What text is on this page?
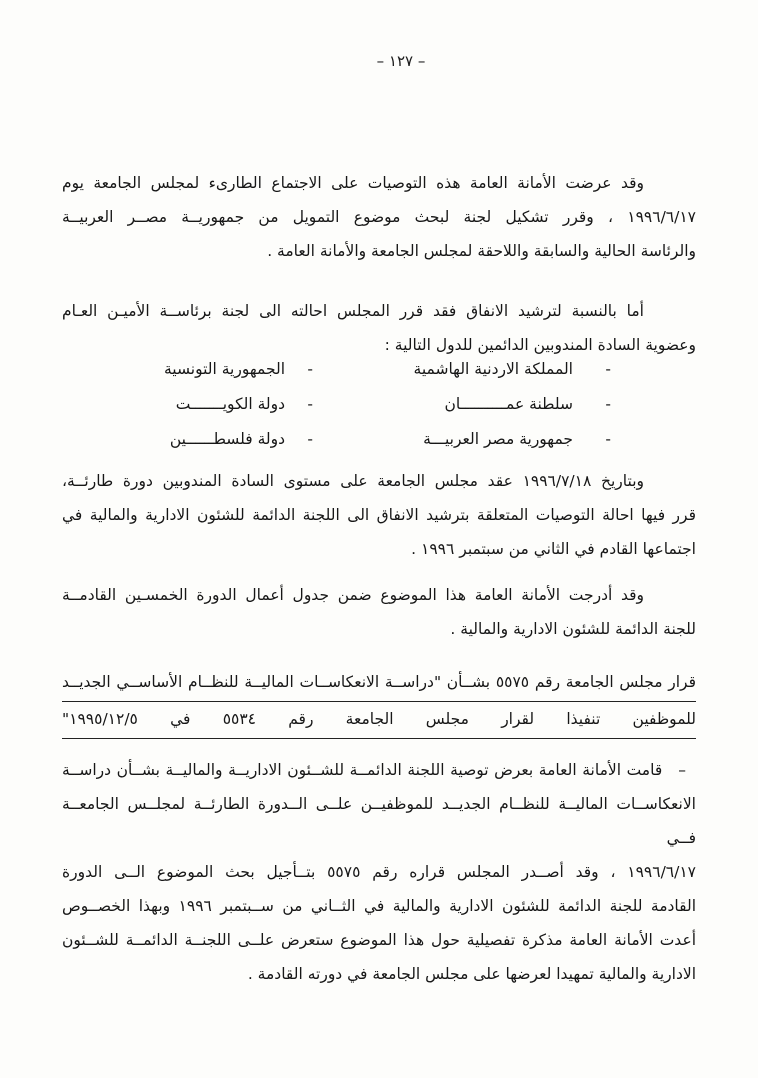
– ١٢٧ –
وقد عرضت الأمانة العامة هذه التوصيات على الاجتماع الطارىء لمجلس الجامعة يوم
١٩٩٦/٦/١٧ ، وقرر تشكيل لجنة لبحث موضوع التمويل من جمهوريــة مصــر العربيــة
والرئاسة الحالية والسابقة واللاحقة لمجلس الجامعة والأمانة العامة .
أما بالنسبة لترشيد الانفاق فقد قرر المجلس احالته الى لجنة برئاســة الأميـن العـام
وعضوية السادة المندوبين الدائمين للدول التالية :
-
المملكة الاردنية الهاشمية
-
الجمهورية التونسية
-
سلطنة عمــــــــــان
-
دولة الكويـــــــت
-
جمهورية مصر العربيـــة
-
دولة فلسطــــــين
وبتاريخ ١٩٩٦/٧/١٨ عقد مجلس الجامعة على مستوى السادة المندوبين دورة طارئــة،
قرر فيها احالة التوصيات المتعلقة بترشيد الانفاق الى اللجنة الدائمة للشئون الادارية والمالية في
اجتماعها القادم في الثاني من سبتمبر ١٩٩٦ .
وقد أدرجت الأمانة العامة هذا الموضوع ضمن جدول أعمال الدورة الخمسـين القادمــة
للجنة الدائمة للشئون الادارية والمالية .
قرار مجلس الجامعة رقم ٥٥٧٥ بشــأن "دراســة الانعكاســات الماليــة للنظــام الأساســي الجديــد
للموظفين تنفيذا لقرار مجلس الجامعة رقم ٥٥٣٤ في ١٩٩٥/١٢/٥"
–قامت الأمانة العامة بعرض توصية اللجنة الدائمــة للشــئون الاداريــة والماليــة بشــأن دراســة
الانعكاســات الماليــة للنظــام الجديــد للموظفيــن علــى الــدورة الطارئــة لمجلــس الجامعــة فــي
١٩٩٦/٦/١٧ ، وقد أصــدر المجلس قراره رقم ٥٥٧٥ بتــأجيل بحث الموضوع الــى الدورة
القادمة للجنة الدائمة للشئون الادارية والمالية في الثــاني من ســبتمبر ١٩٩٦ وبهذا الخصــوص
أعدت الأمانة العامة مذكرة تفصيلية حول هذا الموضوع ستعرض علــى اللجنــة الدائمــة للشــئون
الادارية والمالية تمهيدا لعرضها على مجلس الجامعة في دورته القادمة .
